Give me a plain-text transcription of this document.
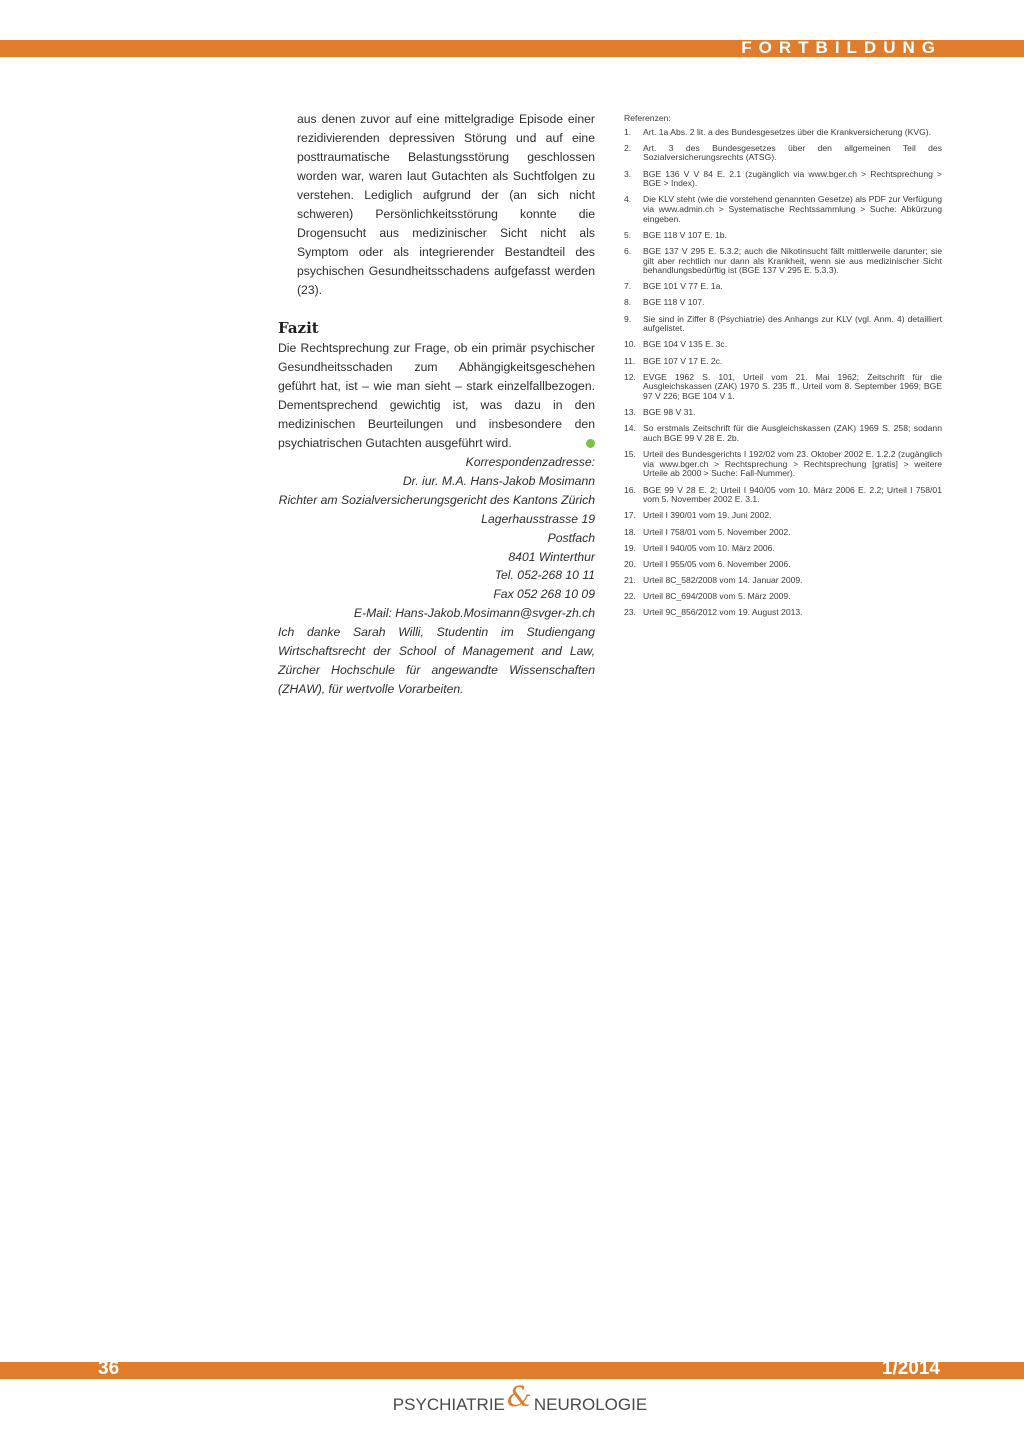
FORTBILDUNG

aus denen zuvor auf eine mittelgradige Episode einer rezidivierenden depressiven Störung und auf eine posttraumatische Belastungsstörung geschlossen worden war, waren laut Gutachten als Suchtfolgen zu verstehen. Lediglich aufgrund der (an sich nicht schweren) Persönlichkeitsstörung konnte die Drogensucht aus medizinischer Sicht nicht als Symptom oder als integrierender Bestandteil des psychischen Gesundheitsschadens aufgefasst werden (23).

Fazit

Die Rechtsprechung zur Frage, ob ein primär psychischer Gesundheitsschaden zum Abhängigkeitsgeschehen geführt hat, ist – wie man sieht – stark einzelfallbezogen. Dementsprechend gewichtig ist, was dazu in den medizinischen Beurteilungen und insbesondere den psychiatrischen Gutachten ausgeführt wird.

Korrespondenzadresse:
Dr. iur. M.A. Hans-Jakob Mosimann
Richter am Sozialversicherungsgericht des Kantons Zürich
Lagerhausstrasse 19
Postfach
8401 Winterthur
Tel. 052-268 10 11
Fax 052 268 10 09
E-Mail: Hans-Jakob.Mosimann@svger-zh.ch

Ich danke Sarah Willi, Studentin im Studiengang Wirtschaftsrecht der School of Management and Law, Zürcher Hochschule für angewandte Wissenschaften (ZHAW), für wertvolle Vorarbeiten.

Referenzen:
1.	Art. 1a Abs. 2 lit. a des Bundesgesetzes über die Krankversicherung (KVG).
2.	Art. 3 des Bundesgesetzes über den allgemeinen Teil des Sozialversicherungsrechts (ATSG).
3.	BGE 136 V V 84 E. 2.1 (zugänglich via www.bger.ch > Rechtsprechung > BGE > Index).
4.	Die KLV steht (wie die vorstehend genannten Gesetze) als PDF zur Verfügung via www.admin.ch > Systematische Rechtssammlung > Suche: Abkürzung eingeben.
5.	BGE 118 V 107 E. 1b.
6.	BGE 137 V 295 E. 5.3.2; auch die Nikotinsucht fällt mittlerweile darunter; sie gilt aber rechtlich nur dann als Krankheit, wenn sie aus medizinischer Sicht behandlungsbedürftig ist (BGE 137 V 295 E. 5.3.3).
7.	BGE 101 V 77 E. 1a.
8.	BGE 118 V 107.
9.	Sie sind in Ziffer 8 (Psychiatrie) des Anhangs zur KLV (vgl. Anm. 4) detailliert aufgelistet.
10. BGE 104 V 135 E. 3c.
11. BGE 107 V 17 E. 2c.
12. EVGE 1962 S. 101, Urteil vom 21. Mai 1962; Zeitschrift für die Ausgleichskassen (ZAK) 1970 S. 235 ff., Urteil vom 8. September 1969; BGE 97 V 226; BGE 104 V 1.
13. BGE 98 V 31.
14. So erstmals Zeitschrift für die Ausgleichskassen (ZAK) 1969 S. 258; sodann auch BGE 99 V 28 E. 2b.
15. Urteil des Bundesgerichts I 192/02 vom 23. Oktober 2002 E. 1.2.2 (zugänglich via www.bger.ch > Rechtsprechung > Rechtsprechung [gratis] > weitere Urteile ab 2000 > Suche: Fall-Nummer).
16. BGE 99 V 28 E. 2; Urteil I 940/05 vom 10. März 2006 E. 2.2; Urteil I 758/01 vom 5. November 2002 E. 3.1.
17. Urteil I 390/01 vom 19. Juni 2002.
18. Urteil I 758/01 vom 5. November 2002.
19. Urteil I 940/05 vom 10. März 2006.
20. Urteil I 955/05 vom 6. November 2006.
21. Urteil 8C_582/2008 vom 14. Januar 2009.
22. Urteil 8C_694/2008 vom 5. März 2009.
23. Urteil 9C_856/2012 vom 19. August 2013.
36	1/2014
PSYCHIATRIE& NEUROLOGIE
